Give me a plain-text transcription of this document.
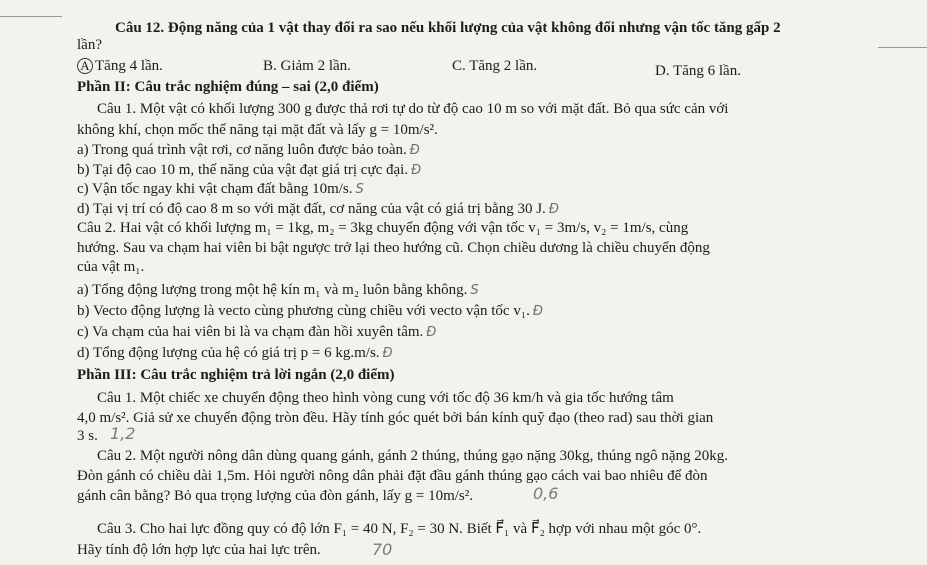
Câu 12. Động năng của 1 vật thay đổi ra sao nếu khối lượng của vật không đổi nhưng vận tốc tăng gấp 2
lần?
A Tăng 4 lần.	B. Giảm 2 lần.	C. Tăng 2 lần.	D. Tăng 6 lần.
Phần II: Câu trắc nghiệm đúng – sai (2,0 điểm)
Câu 1. Một vật có khối lượng 300 g được thả rơi tự do từ độ cao 10 m so với mặt đất. Bỏ qua sức cản với
không khí, chọn mốc thế năng tại mặt đất và lấy g = 10m/s².
a) Trong quá trình vật rơi, cơ năng luôn được bảo toàn. Đ
b) Tại độ cao 10 m, thế năng của vật đạt giá trị cực đại. Đ
c) Vận tốc ngay khi vật chạm đất bằng 10m/s. S
d) Tại vị trí có độ cao 8 m so với mặt đất, cơ năng của vật có giá trị bằng 30 J. Đ
Câu 2. Hai vật có khối lượng m₁ = 1kg, m₂ = 3kg chuyển động với vận tốc v₁ = 3m/s, v₂ = 1m/s, cùng
hướng. Sau va chạm hai viên bi bật ngược trở lại theo hướng cũ. Chọn chiều dương là chiều chuyển động
của vật m₁.
a) Tổng động lượng trong một hệ kín m₁ và m₂ luôn bằng không. S
b) Vecto động lượng là vecto cùng phương cùng chiều với vecto vận tốc v₁. Đ
c) Va chạm của hai viên bi là va chạm đàn hồi xuyên tâm. Đ
d) Tổng động lượng của hệ có giá trị p = 6 kg.m/s. Đ
Phần III: Câu trắc nghiệm trả lời ngắn (2,0 điểm)
Câu 1. Một chiếc xe chuyển động theo hình vòng cung với tốc độ 36 km/h và gia tốc hướng tâm
4,0 m/s². Giả sử xe chuyển động tròn đều. Hãy tính góc quét bởi bán kính quỹ đạo (theo rad) sau thời gian
3 s. 1,2
Câu 2. Một người nông dân dùng quang gánh, gánh 2 thúng, thúng gạo nặng 30kg, thúng ngô nặng 20kg.
Đòn gánh có chiều dài 1,5m. Hỏi người nông dân phải đặt đầu gánh thúng gạo cách vai bao nhiêu để đòn
gánh cân bằng? Bỏ qua trọng lượng của đòn gánh, lấy g = 10m/s².	0,6
Câu 3. Cho hai lực đồng quy có độ lớn F₁ = 40 N, F₂ = 30 N. Biết F⃗₁ và F⃗₂ hợp với nhau một góc 0°.
Hãy tính độ lớn hợp lực của hai lực trên.	70
